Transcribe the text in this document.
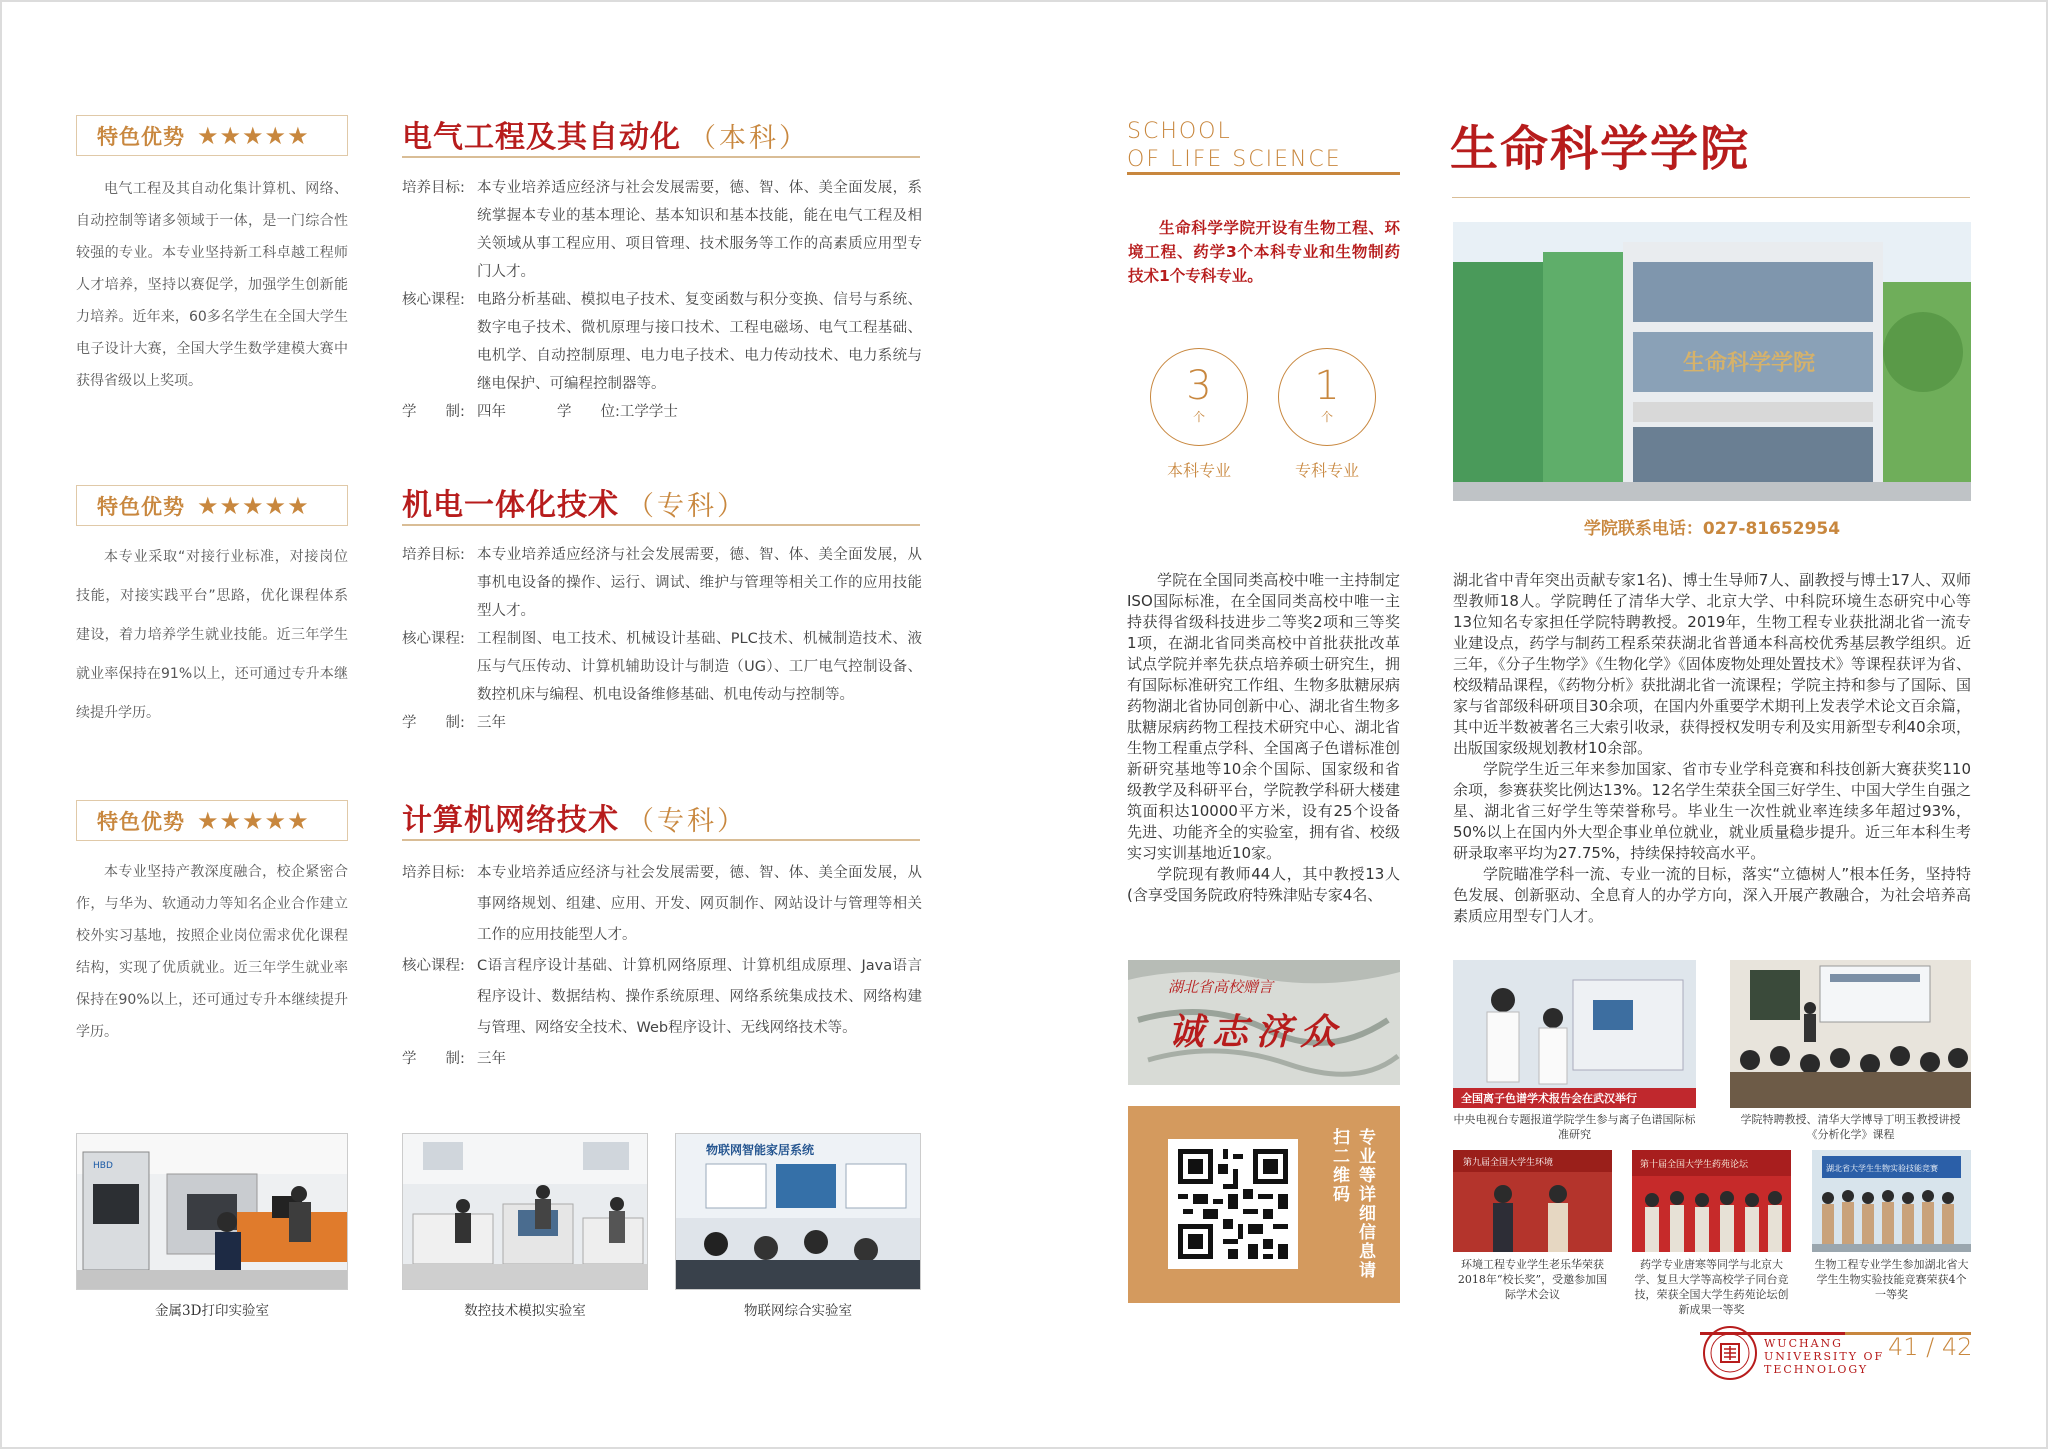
特色优势 ★★★★★
电气工程及其自动化集计算机、网络、自动控制等诸多领域于一体，是一门综合性较强的专业。本专业坚持新工科卓越工程师人才培养，坚持以赛促学，加强学生创新能力培养。近年来，60多名学生在全国大学生电子设计大赛，全国大学生数学建模大赛中获得省级以上奖项。
电气工程及其自动化 （本科）
培养目标: 本专业培养适应经济与社会发展需要，德、智、体、美全面发展，系统掌握本专业的基本理论、基本知识和基本技能，能在电气工程及相关领域从事工程应用、项目管理、技术服务等工作的高素质应用型专门人才。
核心课程: 电路分析基础、模拟电子技术、复变函数与积分变换、信号与系统、数字电子技术、微机原理与接口技术、工程电磁场、电气工程基础、电机学、自动控制原理、电力电子技术、电力传动技术、电力系统与继电保护、可编程控制器等。
学　　制: 四年	学　　位: 工学学士
特色优势 ★★★★★
本专业采取“对接行业标准，对接岗位技能，对接实践平台”思路，优化课程体系建设，着力培养学生就业技能。近三年学生就业率保持在91%以上，还可通过专升本继续提升学历。
机电一体化技术 （专科）
培养目标: 本专业培养适应经济与社会发展需要，德、智、体、美全面发展，从事机电设备的操作、运行、调试、维护与管理等相关工作的应用技能型人才。
核心课程: 工程制图、电工技术、机械设计基础、PLC技术、机械制造技术、液压与气压传动、计算机辅助设计与制造（UG）、工厂电气控制设备、数控机床与编程、机电设备维修基础、机电传动与控制等。
学　　制: 三年
特色优势 ★★★★★
本专业坚持产教深度融合，校企紧密合作，与华为、软通动力等知名企业合作建立校外实习基地，按照企业岗位需求优化课程结构，实现了优质就业。近三年学生就业率保持在90%以上，还可通过专升本继续提升学历。
计算机网络技术 （专科）
培养目标: 本专业培养适应经济与社会发展需要，德、智、体、美全面发展，从事网络规划、组建、应用、开发、网页制作、网站设计与管理等相关工作的应用技能型人才。
核心课程: C语言程序设计基础、计算机网络原理、计算机组成原理、Java语言程序设计、数据结构、操作系统原理、网络系统集成技术、网络构建与管理、网络安全技术、Web程序设计、无线网络技术等。
学　　制: 三年
HBD
金属3D打印实验室	数控技术模拟实验室
物联网智能家居系统
物联网综合实验室
SCHOOL
OF LIFE SCIENCE 生命科学学院
生命科学学院开设有生物工程、环境工程、药学3个本科专业和生物制药技术1个专科专业。
3
个
本科专业
1
个
专科专业
生命科学学院
学院联系电话：027-81652954

学院在全国同类高校中唯一主持制定ISO国际标准，在全国同类高校中唯一主持获得省级科技进步二等奖2项和三等奖1项，在湖北省同类高校中首批获批改革试点学院并率先获点培养硕士研究生，拥有国际标准研究工作组、生物多肽糖尿病药物湖北省协同创新中心、湖北省生物多肽糖尿病药物工程技术研究中心、湖北省生物工程重点学科、全国离子色谱标准创新研究基地等10余个国际、国家级和省级教学及科研平台，学院教学科研大楼建筑面积达10000平方米，设有25个设备先进、功能齐全的实验室，拥有省、校级实习实训基地近10家。

学院现有教师44人，其中教授13人(含享受国务院政府特殊津贴专家4名、

湖北省中青年突出贡献专家1名)、博士生导师7人、副教授与博士17人、双师型教师18人。学院聘任了清华大学、北京大学、中科院环境生态研究中心等13位知名专家担任学院特聘教授。2019年，生物工程专业获批湖北省一流专业建设点，药学与制药工程系荣获湖北省普通本科高校优秀基层教学组织。近三年，《分子生物学》《生物化学》《固体废物处理处置技术》等课程获评为省、校级精品课程，《药物分析》获批湖北省一流课程；学院主持和参与了国际、国家与省部级科研项目30余项，在国内外重要学术期刊上发表学术论文百余篇，其中近半数被著名三大索引收录，获得授权发明专利及实用新型专利40余项，出版国家级规划教材10余部。

学院学生近三年来参加国家、省市专业学科竞赛和科技创新大赛获奖110余项，参赛获奖比例达13%。12名学生荣获全国三好学生、中国大学生自强之星、湖北省三好学生等荣誉称号。毕业生一次性就业率连续多年超过93%，50%以上在国内外大型企事业单位就业，就业质量稳步提升。近三年本科生考研录取率平均为27.75%，持续保持较高水平。

学院瞄准学科一流、专业一流的目标，落实“立德树人”根本任务，坚持特色发展、创新驱动、全息育人的办学方向，深入开展产教融合，为社会培养高素质应用型专门人才。

湖北省高校赠言
诚志济众
专业等详细信息请扫二维码
全国离子色谱学术报告会在武汉举行
中央电视台专题报道学院学生参与离子色谱国际标准研究
学院特聘教授、清华大学博导丁明玉教授讲授《分析化学》课程
第九届全国大学生环境
环境工程专业学生老乐华荣获2018年“校长奖”，受邀参加国际学术会议
第十届全国大学生药苑论坛
药学专业唐寒等同学与北京大学、复旦大学等高校学子同台竞技，荣获全国大学生药苑论坛创新成果一等奖
湖北省大学生生物实验技能竞赛
生物工程专业学生参加湖北省大学生生物实验技能竞赛荣获4个一等奖
WUCHANG
UNIVERSITY OF
TECHNOLOGY
41 / 42
